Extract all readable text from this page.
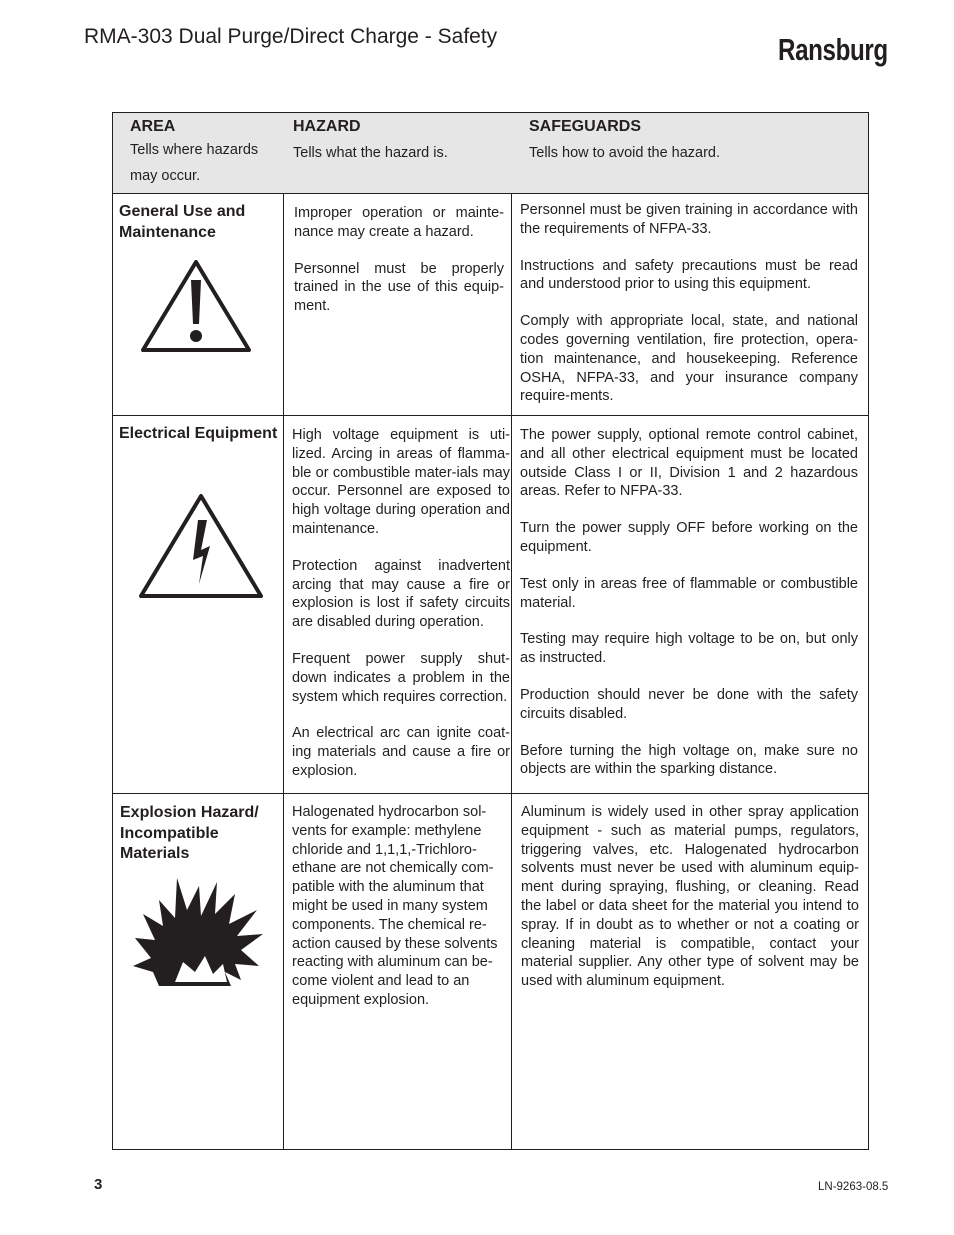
RMA-303 Dual Purge/Direct Charge - Safety	Ransburg
AREA
Tells where hazards may occur.
HAZARD
Tells what the hazard is.
SAFEGUARDS
Tells how to avoid the hazard.
General Use and Maintenance
Improper operation or mainte-nance may create a hazard.
Personnel must be properly trained in the use of this equip-ment.
Personnel must be given training in accordance with the requirements of NFPA-33.
Instructions and safety precautions must be read and understood prior to using this equipment.
Comply with appropriate local, state, and national codes governing ventilation, fire protection, opera-tion maintenance, and housekeeping. Reference OSHA, NFPA-33, and your insurance company require-ments.
Electrical Equipment High voltage equipment is uti-lized. Arcing in areas of flamma-ble or combustible mater-ials may occur. Personnel are exposed to high voltage during operation and maintenance.
Protection against inadvertent arcing that may cause a fire or explosion is lost if safety circuits are disabled during operation.
Frequent power supply shut-down indicates a problem in the system which requires correction.
An electrical arc can ignite coat-ing materials and cause a fire or explosion.
The power supply, optional remote control cabinet, and all other electrical equipment must be located outside Class I or II, Division 1 and 2 hazardous areas. Refer to NFPA-33.
Turn the power supply OFF before working on the equipment.
Test only in areas free of flammable or combustible material.
Testing may require high voltage to be on, but only as instructed.
Production should never be done with the safety circuits disabled.
Before turning the high voltage on, make sure no objects are within the sparking distance.
Explosion Hazard/ Incompatible Materials
Halogenated hydrocarbon sol-vents for example: methylene chloride and 1,1,1,-Trichloro-ethane are not chemically com-patible with the aluminum that might be used in many system components. The chemical re-action caused by these solvents reacting with aluminum can be-come violent and lead to an equipment explosion.
Aluminum is widely used in other spray application equipment - such as material pumps, regulators, triggering valves, etc. Halogenated hydrocarbon solvents must never be used with aluminum equip-ment during spraying, flushing, or cleaning. Read the label or data sheet for the material you intend to spray. If in doubt as to whether or not a coating or cleaning material is compatible, contact your material supplier. Any other type of solvent may be used with aluminum equipment.
3	LN-9263-08.5
